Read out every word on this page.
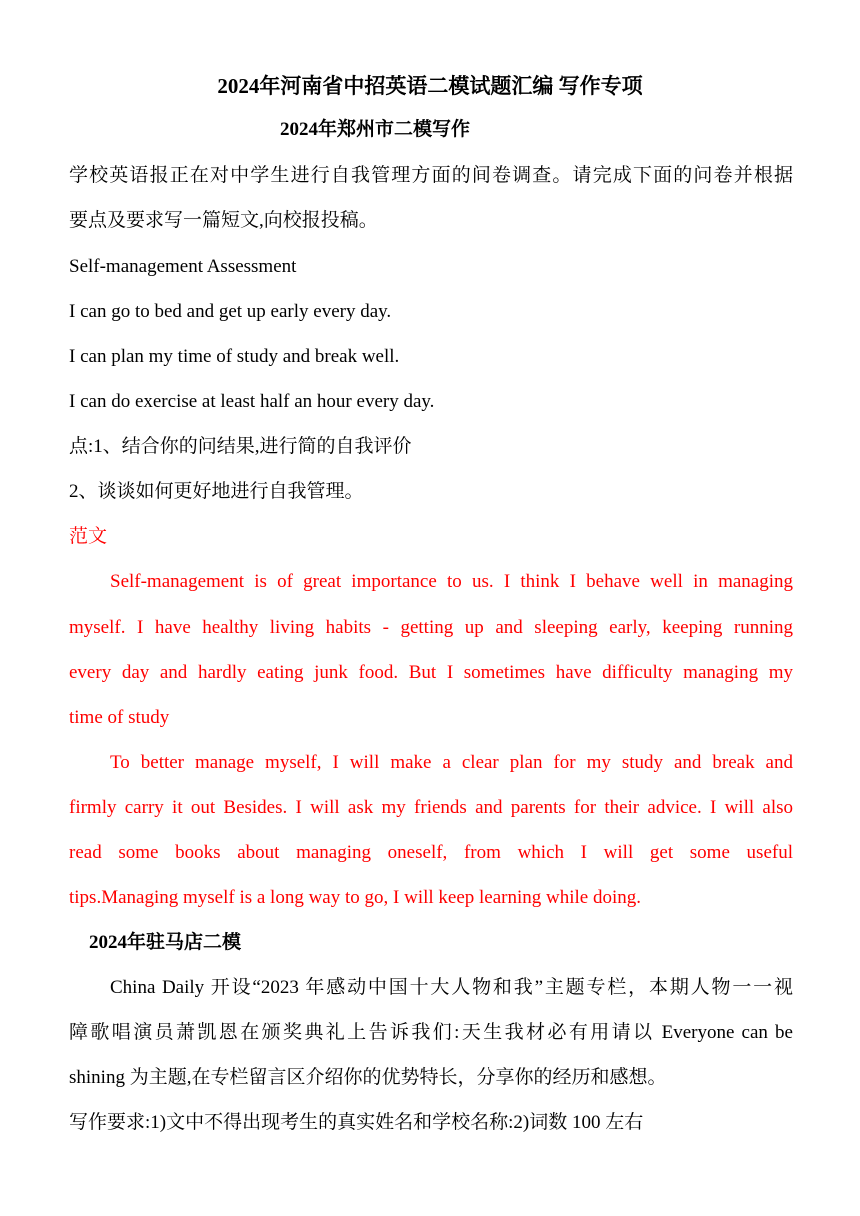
2024年河南省中招英语二模试题汇编 写作专项
2024年郑州市二模写作
学校英语报正在对中学生进行自我管理方面的间卷调查。请完成下面的问卷并根据
要点及要求写一篇短文,向校报投稿。
Self-management Assessment
I can go to bed and get up early every day.
I can plan my time of study and break well.
I can do exercise at least half an hour every day.
点:1、结合你的问结果,进行简的自我评价
2、谈谈如何更好地进行自我管理。
范文
Self-management is of great importance to us. I think I behave well in managing
myself. I have healthy living habits - getting up and sleeping early, keeping running
every day and hardly eating junk food. But I sometimes have difficulty managing my
time of study
To better manage myself, I will make a clear plan for my study and break and
firmly carry it out Besides. I will ask my friends and parents for their advice. I will also
read some books about managing oneself, from which I will get some useful
tips.Managing myself is a long way to go, I will keep learning while doing.
2024年驻马店二模
China Daily 开设“2023 年感动中国十大人物和我”主题专栏，本期人物一一视
障歌唱演员萧凯恩在颁奖典礼上告诉我们:天生我材必有用请以 Everyone can be
shining 为主题,在专栏留言区介绍你的优势特长，分享你的经历和感想。
写作要求:1)文中不得出现考生的真实姓名和学校名称:2)词数 100 左右
